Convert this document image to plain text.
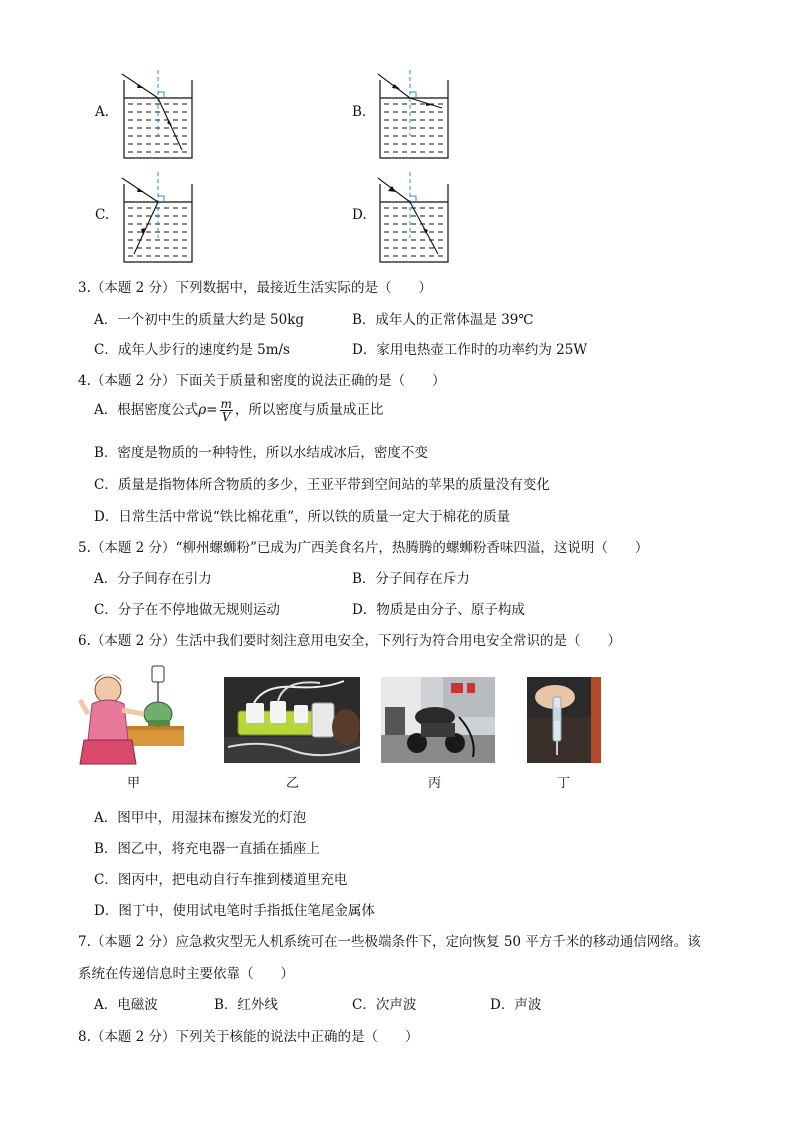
A.	B.
C.	D.
3.（本题 2 分）下列数据中，最接近生活实际的是（　　）
A．一个初中生的质量大约是 50kg	B．成年人的正常体温是 39℃
C．成年人步行的速度约是 5m/s	D．家用电热壶工作时的功率约为 25W
4.（本题 2 分）下面关于质量和密度的说法正确的是（　　）
A．根据密度公式$\rho= \frac{m}{V}$ ，所以密度与质量成正比
B．密度是物质的一种特性，所以水结成冰后，密度不变
C．质量是指物体所含物质的多少，王亚平带到空间站的苹果的质量没有变化
D．日常生活中常说“铁比棉花重”，所以铁的质量一定大于棉花的质量
5.（本题 2 分）“柳州螺蛳粉”已成为广西美食名片，热腾腾的螺蛳粉香味四溢，这说明（　　）
A．分子间存在引力	B．分子间存在斥力
C．分子在不停地做无规则运动	D．物质是由分子、原子构成
6.（本题 2 分）生活中我们要时刻注意用电安全，下列行为符合用电安全常识的是（　　）
甲	乙	丙	丁
A．图甲中，用湿抹布擦发光的灯泡
B．图乙中，将充电器一直插在插座上
C．图丙中，把电动自行车推到楼道里充电
D．图丁中，使用试电笔时手指抵住笔尾金属体
7.（本题 2 分）应急救灾型无人机系统可在一些极端条件下，定向恢复 50 平方千米的移动通信网络。该
系统在传递信息时主要依靠（　　）
A．电磁波	B．红外线	C．次声波	D．声波
8.（本题 2 分）下列关于核能的说法中正确的是（　　）
